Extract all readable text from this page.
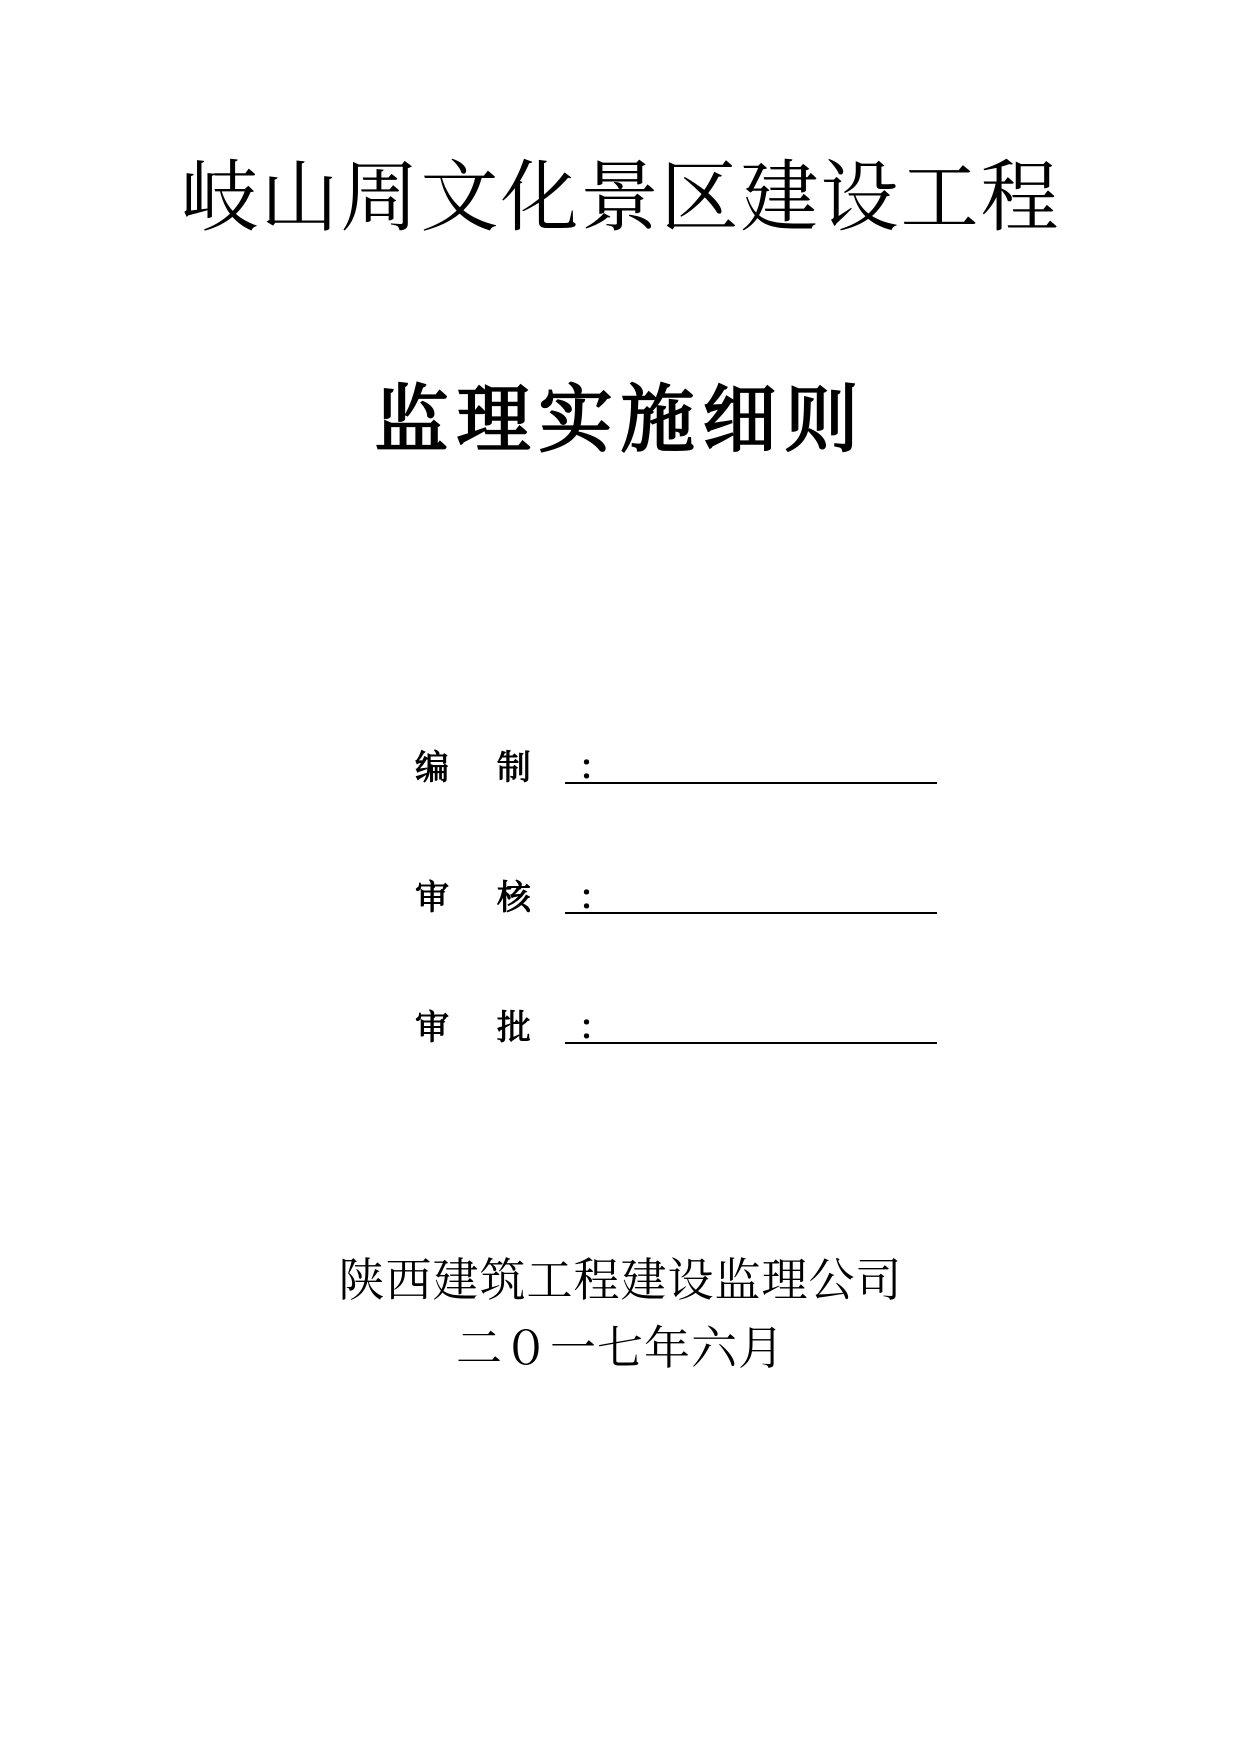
岐山周文化景区建设工程
监理实施细则
编 制 ：
审 核 ：
审 批 ：
陕西建筑工程建设监理公司
二０一七年六月
